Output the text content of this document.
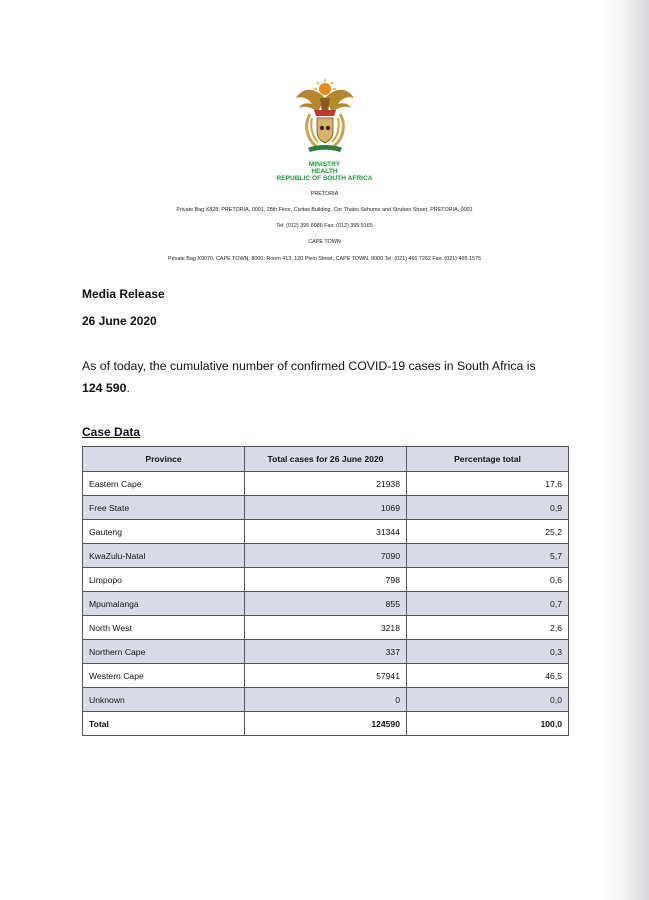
MINISTRY
HEALTH
REPUBLIC OF SOUTH AFRICA
PRETORIA
Private Bag X828, PRETORIA, 0001, 28th Floor, Civitas Building, Cnr Thabo Sehume and Struben Street, PRETORIA, 0001
Tel: (012) 395 8086 Fax: (012) 395 9165
CAPE TOWN
Private Bag X9070, CAPE TOWN, 8000, Room 413, 120 Plein Street, CAPE TOWN, 8000 Tel: (021) 466 7262 Fax: (021) 465 1575
Media Release
26 June 2020
As of today, the cumulative number of confirmed COVID-19 cases in South Africa is
124 590.
Case Data
Province	Total cases for 26 June 2020	Percentage total
Eastern Cape	21938	17,6
Free State	1069	0,9
Gauteng	31344	25,2
KwaZulu-Natal	7090	5,7
Limpopo	798	0,6
Mpumalanga	855	0,7
North West	3218	2,6
Northern Cape	337	0,3
Western Cape	57941	46,5
Unknown	0	0,0
Total	124590	100,0
